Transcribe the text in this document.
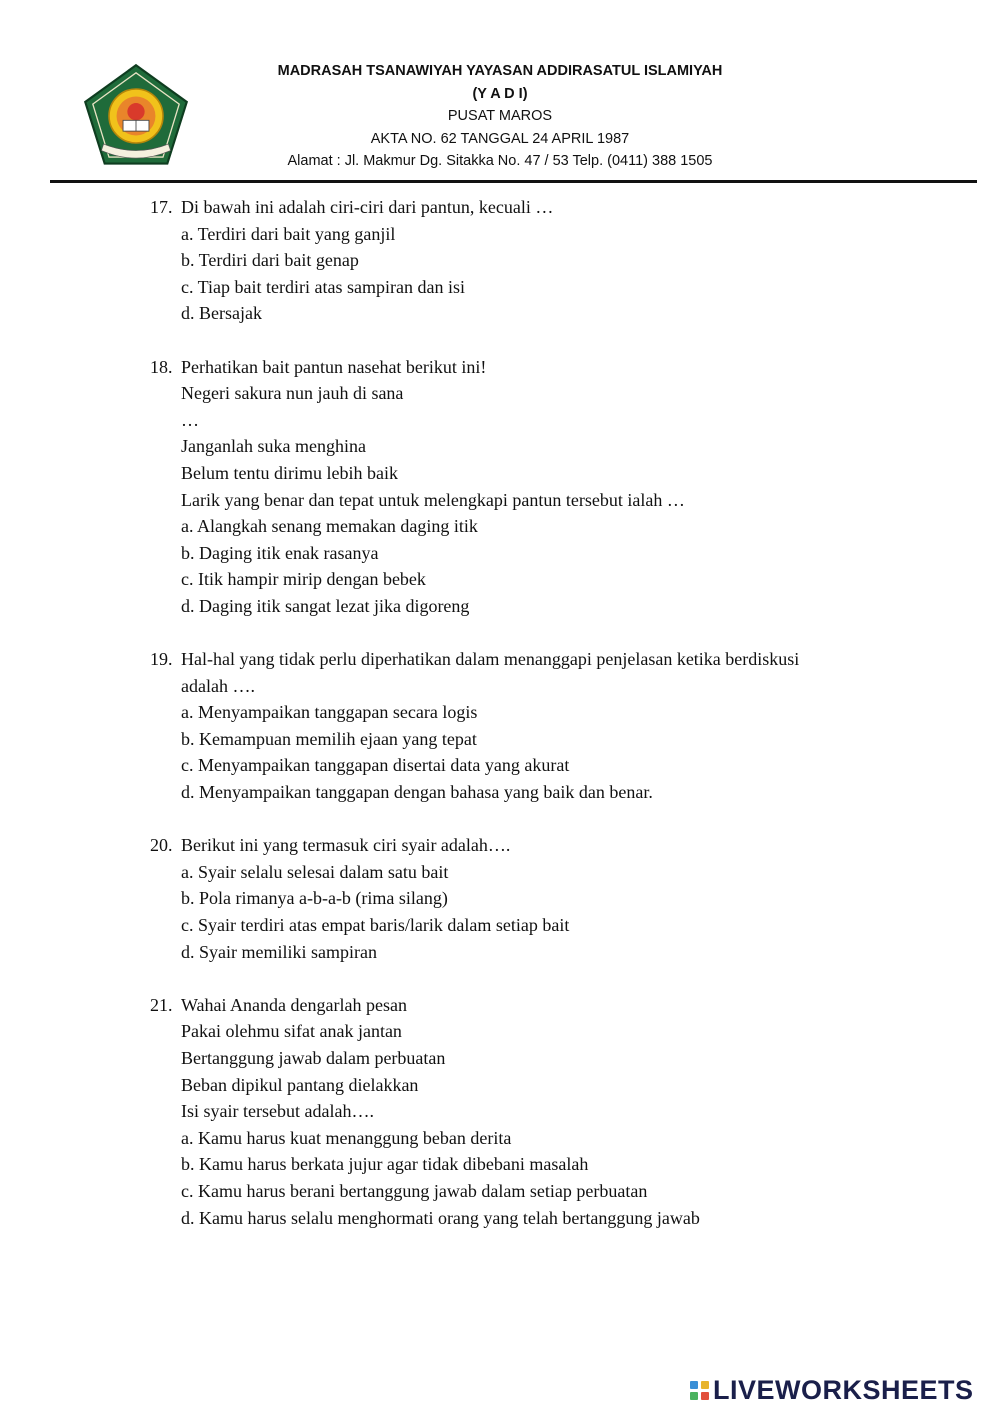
MADRASAH TSANAWIYAH YAYASAN ADDIRASATUL ISLAMIYAH
(Y A D I)
PUSAT MAROS
AKTA NO. 62 TANGGAL 24 APRIL 1987
Alamat : Jl. Makmur Dg. Sitakka No. 47 / 53 Telp. (0411) 388 1505
17. Di bawah ini adalah ciri-ciri dari pantun, kecuali …
a. Terdiri dari bait yang ganjil
b. Terdiri dari bait genap
c. Tiap bait terdiri atas sampiran dan isi
d. Bersajak
18. Perhatikan bait pantun nasehat berikut ini!
Negeri sakura nun jauh di sana
…
Janganlah suka menghina
Belum tentu dirimu lebih baik
Larik yang benar dan tepat untuk melengkapi pantun tersebut ialah …
a. Alangkah senang memakan daging itik
b. Daging itik enak rasanya
c. Itik hampir mirip dengan bebek
d. Daging itik sangat lezat jika digoreng
19. Hal-hal yang tidak perlu diperhatikan dalam menanggapi penjelasan ketika berdiskusi
adalah ….
a. Menyampaikan tanggapan secara logis
b. Kemampuan memilih ejaan yang tepat
c. Menyampaikan tanggapan disertai data yang akurat
d. Menyampaikan tanggapan dengan bahasa yang baik dan benar.
20. Berikut ini yang termasuk ciri syair adalah….
a. Syair selalu selesai dalam satu bait
b. Pola rimanya a-b-a-b (rima silang)
c. Syair terdiri atas empat baris/larik dalam setiap bait
d. Syair memiliki sampiran
21. Wahai Ananda dengarlah pesan
Pakai olehmu sifat anak jantan
Bertanggung jawab dalam perbuatan
Beban dipikul pantang dielakkan
Isi syair tersebut adalah….
a. Kamu harus kuat menanggung beban derita
b. Kamu harus berkata jujur agar tidak dibebani masalah
c. Kamu harus berani bertanggung jawab dalam setiap perbuatan
d. Kamu harus selalu menghormati orang yang telah bertanggung jawab
LIVEWORKSHEETS
